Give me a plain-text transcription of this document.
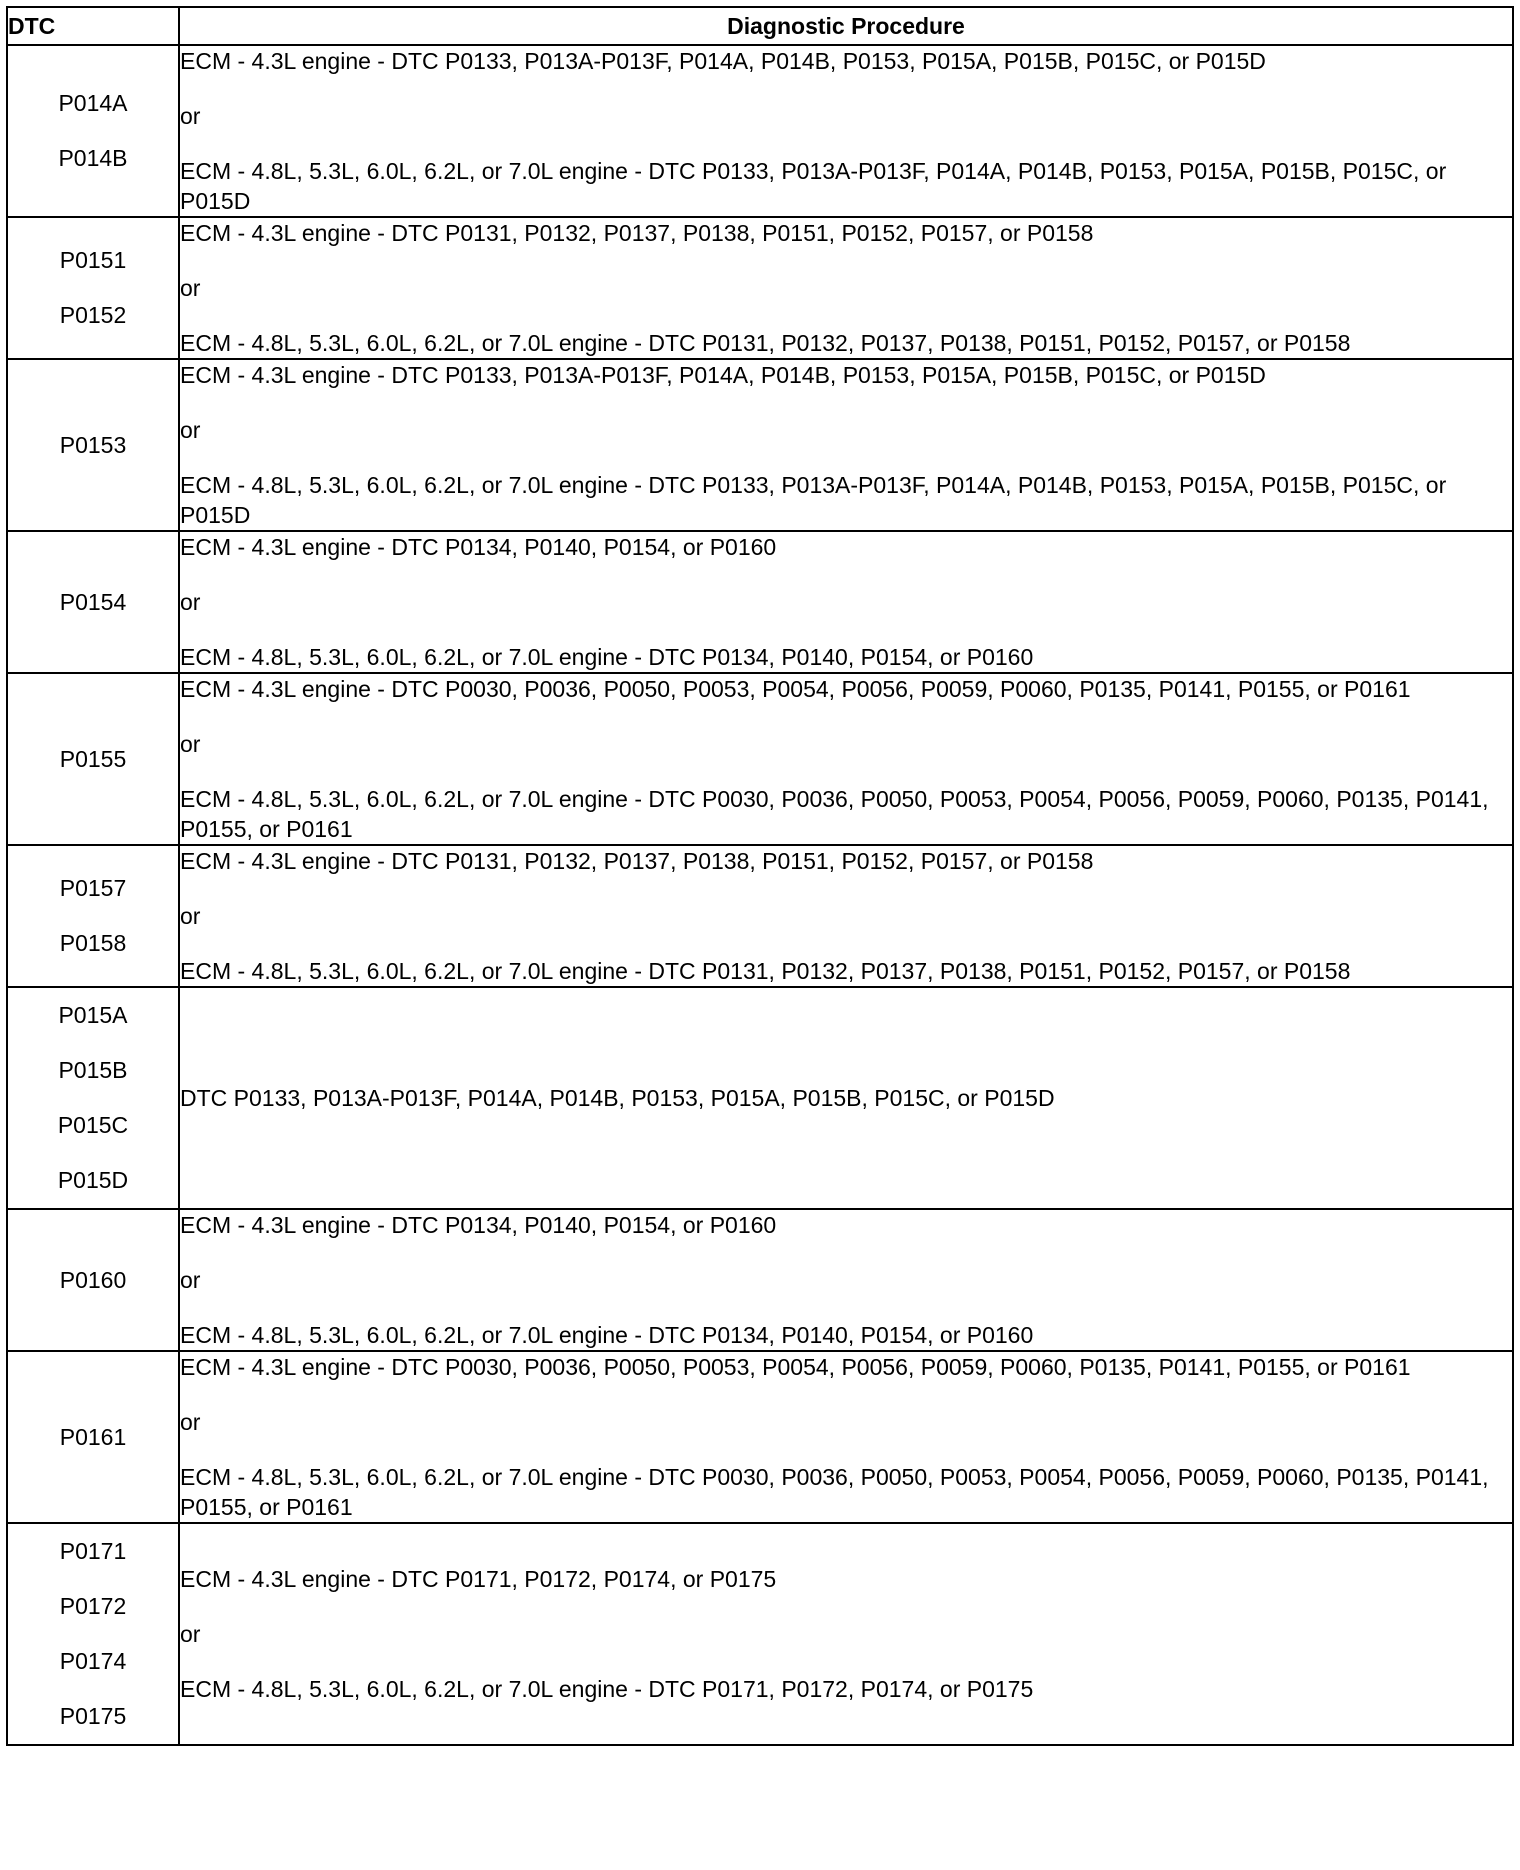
DTC	Diagnostic Procedure

P014A
P014B	ECM - 4.3L engine - DTC P0133, P013A-P013F, P014A, P014B, P0153, P015A, P015B, P015C, or P015D
or
ECM - 4.8L, 5.3L, 6.0L, 6.2L, or 7.0L engine - DTC P0133, P013A-P013F, P014A, P014B, P0153, P015A, P015B, P015C, or P015D

P0151
P0152	ECM - 4.3L engine - DTC P0131, P0132, P0137, P0138, P0151, P0152, P0157, or P0158
or
ECM - 4.8L, 5.3L, 6.0L, 6.2L, or 7.0L engine - DTC P0131, P0132, P0137, P0138, P0151, P0152, P0157, or P0158

P0153	ECM - 4.3L engine - DTC P0133, P013A-P013F, P014A, P014B, P0153, P015A, P015B, P015C, or P015D
or
ECM - 4.8L, 5.3L, 6.0L, 6.2L, or 7.0L engine - DTC P0133, P013A-P013F, P014A, P014B, P0153, P015A, P015B, P015C, or P015D

P0154	ECM - 4.3L engine - DTC P0134, P0140, P0154, or P0160
or
ECM - 4.8L, 5.3L, 6.0L, 6.2L, or 7.0L engine - DTC P0134, P0140, P0154, or P0160

P0155	ECM - 4.3L engine - DTC P0030, P0036, P0050, P0053, P0054, P0056, P0059, P0060, P0135, P0141, P0155, or P0161
or
ECM - 4.8L, 5.3L, 6.0L, 6.2L, or 7.0L engine - DTC P0030, P0036, P0050, P0053, P0054, P0056, P0059, P0060, P0135, P0141, P0155, or P0161

P0157
P0158	ECM - 4.3L engine - DTC P0131, P0132, P0137, P0138, P0151, P0152, P0157, or P0158
or
ECM - 4.8L, 5.3L, 6.0L, 6.2L, or 7.0L engine - DTC P0131, P0132, P0137, P0138, P0151, P0152, P0157, or P0158

P015A
P015B
P015C
P015D	DTC P0133, P013A-P013F, P014A, P014B, P0153, P015A, P015B, P015C, or P015D

P0160	ECM - 4.3L engine - DTC P0134, P0140, P0154, or P0160
or
ECM - 4.8L, 5.3L, 6.0L, 6.2L, or 7.0L engine - DTC P0134, P0140, P0154, or P0160

P0161	ECM - 4.3L engine - DTC P0030, P0036, P0050, P0053, P0054, P0056, P0059, P0060, P0135, P0141, P0155, or P0161
or
ECM - 4.8L, 5.3L, 6.0L, 6.2L, or 7.0L engine - DTC P0030, P0036, P0050, P0053, P0054, P0056, P0059, P0060, P0135, P0141, P0155, or P0161

P0171
P0172
P0174
P0175	ECM - 4.3L engine - DTC P0171, P0172, P0174, or P0175
or
ECM - 4.8L, 5.3L, 6.0L, 6.2L, or 7.0L engine - DTC P0171, P0172, P0174, or P0175
